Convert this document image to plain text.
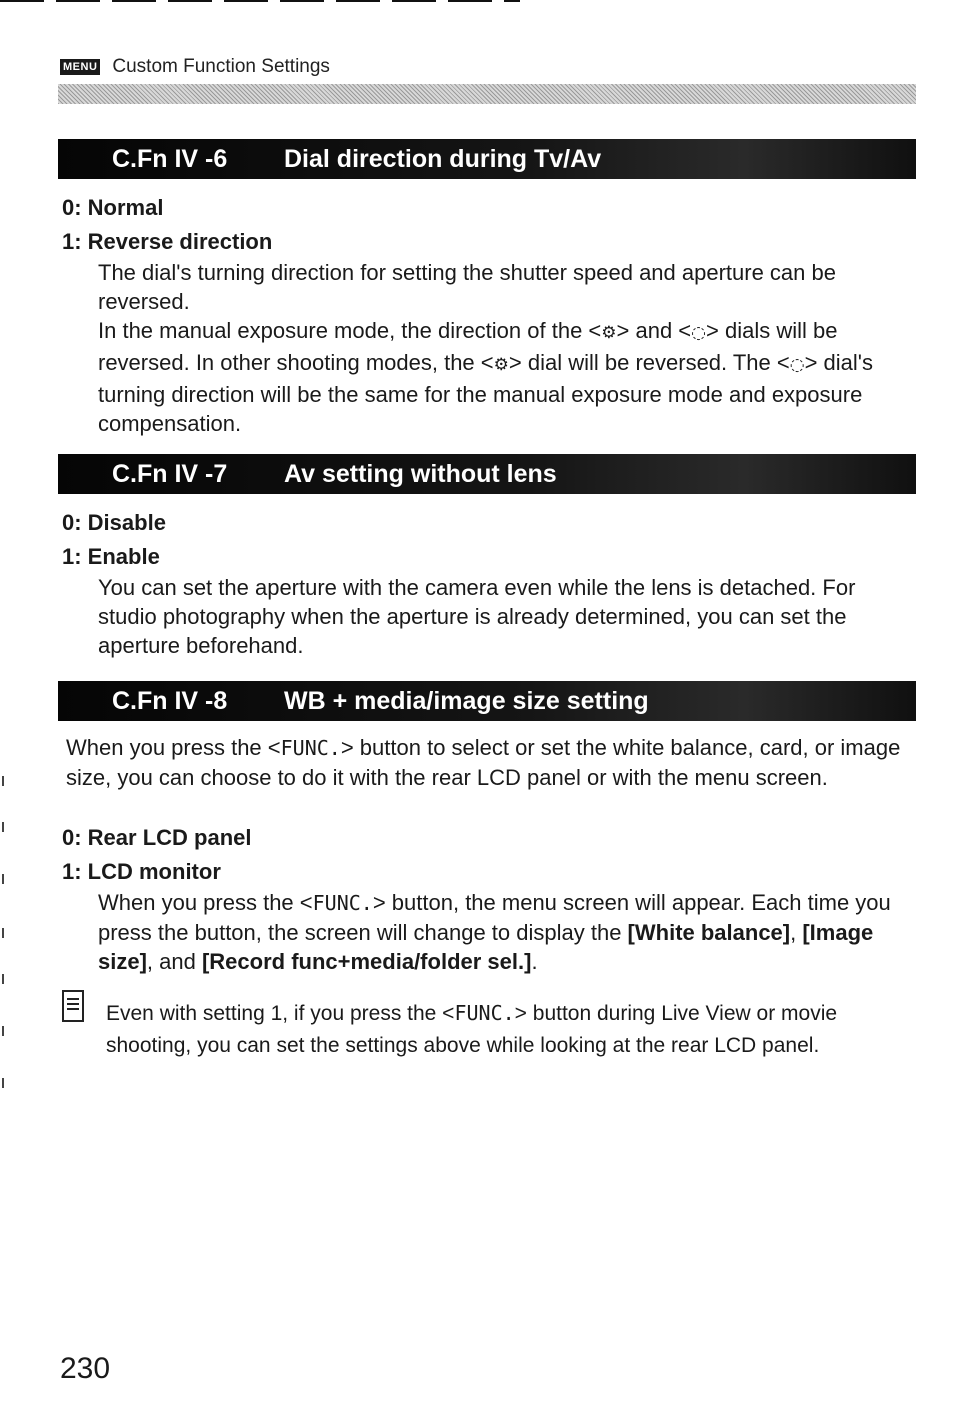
MENU Custom Function Settings
C.Fn IV -6	Dial direction during Tv/Av

0: Normal

1: Reverse direction

The dial's turning direction for setting the shutter speed and aperture can be reversed.

In the manual exposure mode, the direction of the <⚙> and <◌> dials will be reversed. In other shooting modes, the <⚙> dial will be reversed. The <◌> dial's turning direction will be the same for the manual exposure mode and exposure compensation.

C.Fn IV -7	Av setting without lens

0: Disable

1: Enable

You can set the aperture with the camera even while the lens is detached. For studio photography when the aperture is already determined, you can set the aperture beforehand.

C.Fn IV -8	WB + media/image size setting

When you press the <FUNC.> button to select or set the white balance, card, or image size, you can choose to do it with the rear LCD panel or with the menu screen.

0: Rear LCD panel

1: LCD monitor

When you press the <FUNC.> button, the menu screen will appear. Each time you press the button, the screen will change to display the [White balance], [Image size], and [Record func+media/folder sel.].

Even with setting 1, if you press the <FUNC.> button during Live View or movie shooting, you can set the settings above while looking at the rear LCD panel.
230
